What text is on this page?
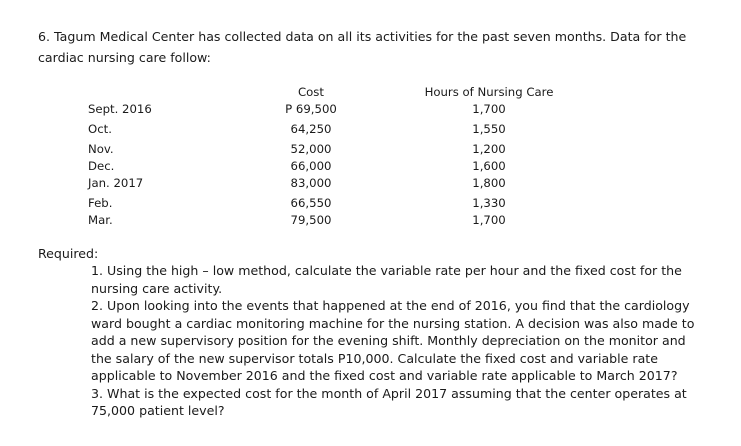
6. Tagum Medical Center has collected data on all its activities for the past seven months. Data for the cardiac nursing care follow:
Sept. 2016
Oct.
Nov.
Dec.
Jan. 2017
Feb.
Mar.
Cost
P 69,500
64,250
52,000
66,000
83,000
66,550
79,500
Hours of Nursing Care
1,700
1,550
1,200
1,600
1,800
1,330
1,700
Required:

1. Using the high – low method, calculate the variable rate per hour and the fixed cost for the nursing care activity.

2. Upon looking into the events that happened at the end of 2016, you find that the cardiology ward bought a cardiac monitoring machine for the nursing station. A decision was also made to add a new supervisory position for the evening shift. Monthly depreciation on the monitor and the salary of the new supervisor totals P10,000. Calculate the fixed cost and variable rate applicable to November 2016 and the fixed cost and variable rate applicable to March 2017?

3. What is the expected cost for the month of April 2017 assuming that the center operates at 75,000 patient level?
